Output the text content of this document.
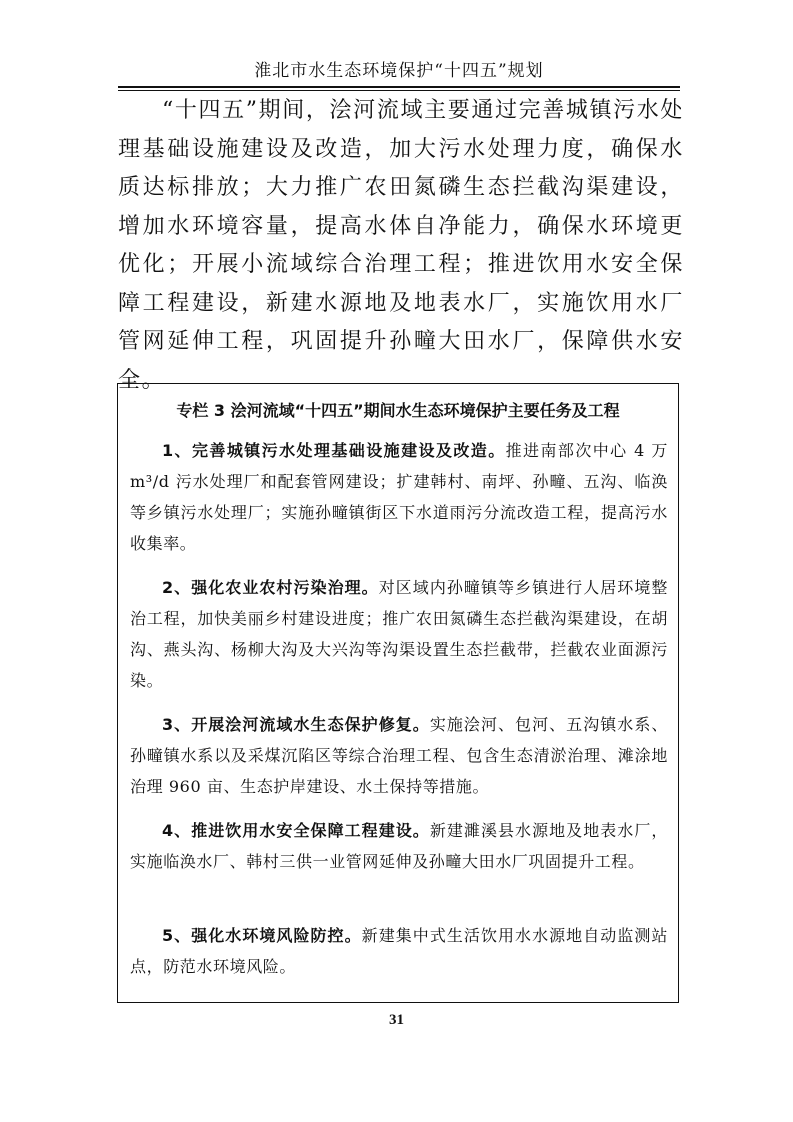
淮北市水生态环境保护“十四五”规划

“十四五”期间，浍河流域主要通过完善城镇污水处理基础设施建设及改造，加大污水处理力度，确保水质达标排放；大力推广农田氮磷生态拦截沟渠建设，增加水环境容量，提高水体自净能力，确保水环境更优化；开展小流域综合治理工程；推进饮用水安全保障工程建设，新建水源地及地表水厂，实施饮用水厂管网延伸工程，巩固提升孙疃大田水厂，保障供水安全。

专栏 3 浍河流域“十四五”期间水生态环境保护主要任务及工程

1、完善城镇污水处理基础设施建设及改造。推进南部次中心 4 万 m³/d 污水处理厂和配套管网建设；扩建韩村、南坪、孙疃、五沟、临涣等乡镇污水处理厂；实施孙疃镇街区下水道雨污分流改造工程，提高污水收集率。

2、强化农业农村污染治理。对区域内孙疃镇等乡镇进行人居环境整治工程，加快美丽乡村建设进度；推广农田氮磷生态拦截沟渠建设，在胡沟、燕头沟、杨柳大沟及大兴沟等沟渠设置生态拦截带，拦截农业面源污染。

3、开展浍河流域水生态保护修复。实施浍河、包河、五沟镇水系、孙疃镇水系以及采煤沉陷区等综合治理工程、包含生态清淤治理、滩涂地治理 960 亩、生态护岸建设、水土保持等措施。

4、推进饮用水安全保障工程建设。新建濉溪县水源地及地表水厂，实施临涣水厂、韩村三供一业管网延伸及孙疃大田水厂巩固提升工程。

5、强化水环境风险防控。新建集中式生活饮用水水源地自动监测站点，防范水环境风险。

31
